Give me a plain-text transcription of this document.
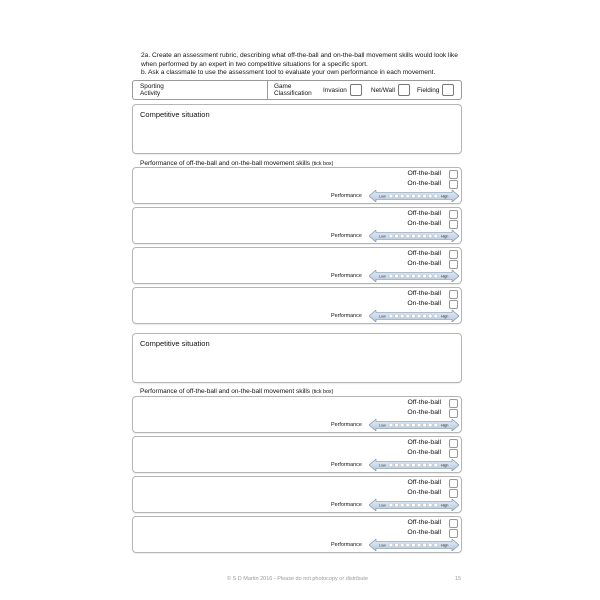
2a. Create an assessment rubric, describing what off-the-ball and on-the-ball movement skills would look like when performed by an expert in two competitive situations for a specific sport.

b. Ask a classmate to use the assessment tool to evaluate your own performance in each movement.

Sporting
Activity
Game
Classification
Invasion	Net/Wall	Fielding
Competitive situation
Performance of off-the-ball and on-the-ball movement skills (tick box)
Competitive situation
Performance of off-the-ball and on-the-ball movement skills (tick box)
© S D Martin 2016 - Please do not photocopy or distribute	15
Off-the-ball
On-the-ball
Performance	Low	High
Off-the-ball
On-the-ball
Performance	Low	High
Off-the-ball
On-the-ball
Performance	Low	High
Off-the-ball
On-the-ball
Performance	Low	High
Off-the-ball
On-the-ball
Performance	Low	High
Off-the-ball
On-the-ball
Performance	Low	High
Off-the-ball
On-the-ball
Performance	Low	High
Off-the-ball
On-the-ball
Performance	Low	High
